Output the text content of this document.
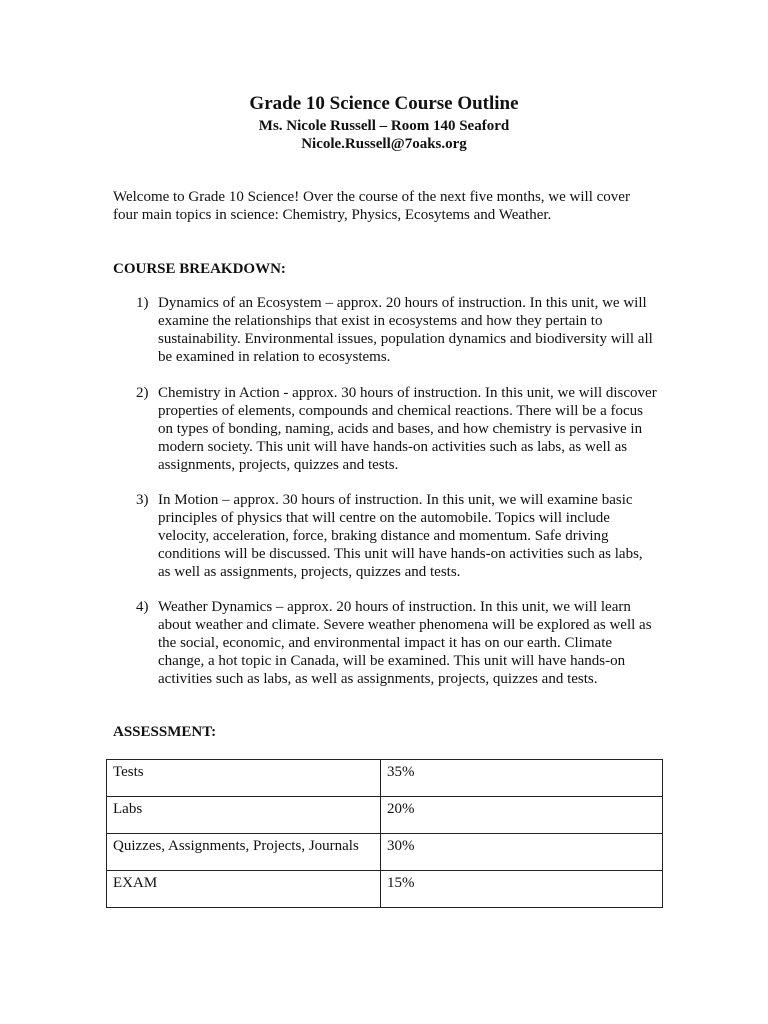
Grade 10 Science Course Outline
Ms. Nicole Russell – Room 140 Seaford
Nicole.Russell@7oaks.org
Welcome to Grade 10 Science! Over the course of the next five months, we will cover four main topics in science: Chemistry, Physics, Ecosytems and Weather.
COURSE BREAKDOWN:
1) Dynamics of an Ecosystem – approx. 20 hours of instruction. In this unit, we will examine the relationships that exist in ecosystems and how they pertain to sustainability. Environmental issues, population dynamics and biodiversity will all be examined in relation to ecosystems.
2) Chemistry in Action - approx. 30 hours of instruction. In this unit, we will discover properties of elements, compounds and chemical reactions. There will be a focus on types of bonding, naming, acids and bases, and how chemistry is pervasive in modern society. This unit will have hands-on activities such as labs, as well as assignments, projects, quizzes and tests.
3) In Motion – approx. 30 hours of instruction. In this unit, we will examine basic principles of physics that will centre on the automobile. Topics will include velocity, acceleration, force, braking distance and momentum. Safe driving conditions will be discussed. This unit will have hands-on activities such as labs, as well as assignments, projects, quizzes and tests.
4) Weather Dynamics – approx. 20 hours of instruction. In this unit, we will learn about weather and climate. Severe weather phenomena will be explored as well as the social, economic, and environmental impact it has on our earth. Climate change, a hot topic in Canada, will be examined. This unit will have hands-on activities such as labs, as well as assignments, projects, quizzes and tests.
ASSESSMENT:
Tests	35%
Labs	20%
Quizzes, Assignments, Projects, Journals	30%
EXAM	15%
